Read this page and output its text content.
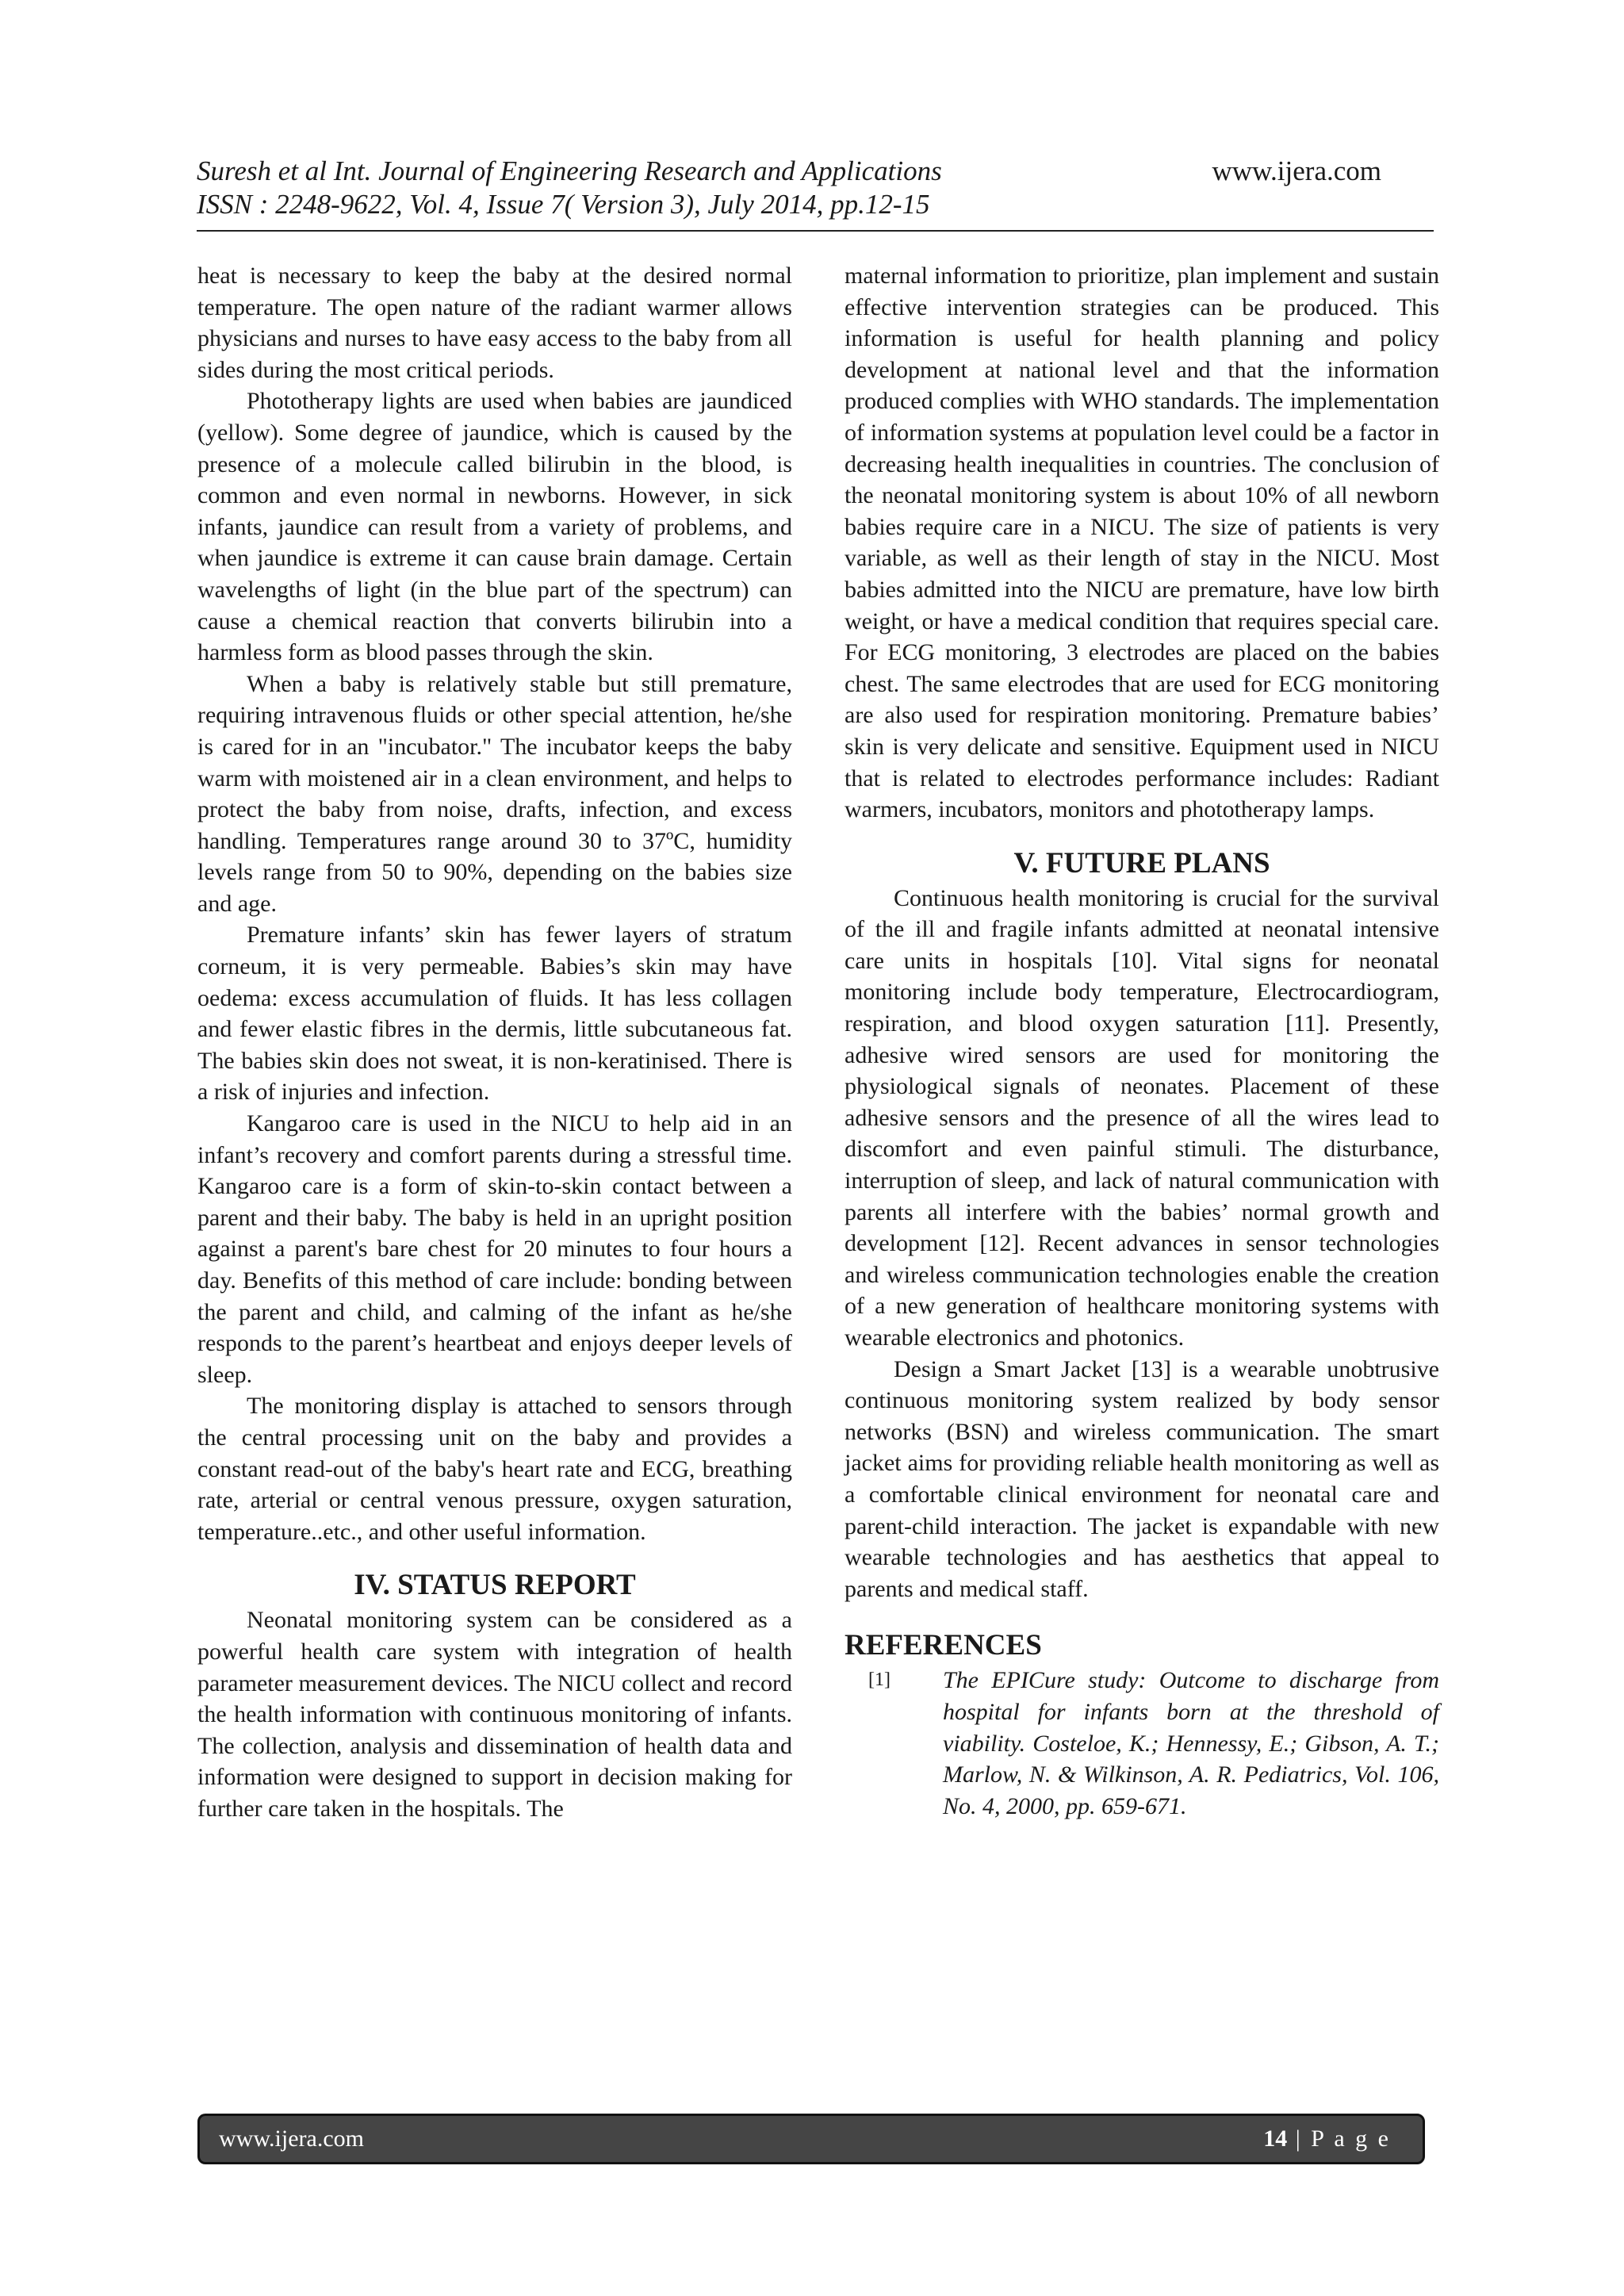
Suresh et al Int. Journal of Engineering Research and Applications	www.ijera.com
ISSN : 2248-9622, Vol. 4, Issue 7( Version 3), July 2014, pp.12-15

heat is necessary to keep the baby at the desired normal temperature. The open nature of the radiant warmer allows physicians and nurses to have easy access to the baby from all sides during the most critical periods.

Phototherapy lights are used when babies are jaundiced (yellow). Some degree of jaundice, which is caused by the presence of a molecule called bilirubin in the blood, is common and even normal in newborns. However, in sick infants, jaundice can result from a variety of problems, and when jaundice is extreme it can cause brain damage. Certain wavelengths of light (in the blue part of the spectrum) can cause a chemical reaction that converts bilirubin into a harmless form as blood passes through the skin.

When a baby is relatively stable but still premature, requiring intravenous fluids or other special attention, he/she is cared for in an "incubator." The incubator keeps the baby warm with moistened air in a clean environment, and helps to protect the baby from noise, drafts, infection, and excess handling. Temperatures range around 30 to 37ºC, humidity levels range from 50 to 90%, depending on the babies size and age.

Premature infants’ skin has fewer layers of stratum corneum, it is very permeable. Babies’s skin may have oedema: excess accumulation of fluids. It has less collagen and fewer elastic fibres in the dermis, little subcutaneous fat. The babies skin does not sweat, it is non-keratinised. There is a risk of injuries and infection.

Kangaroo care is used in the NICU to help aid in an infant’s recovery and comfort parents during a stressful time. Kangaroo care is a form of skin-to-skin contact between a parent and their baby. The baby is held in an upright position against a parent's bare chest for 20 minutes to four hours a day. Benefits of this method of care include: bonding between the parent and child, and calming of the infant as he/she responds to the parent’s heartbeat and enjoys deeper levels of sleep.

The monitoring display is attached to sensors through the central processing unit on the baby and provides a constant read-out of the baby's heart rate and ECG, breathing rate, arterial or central venous pressure, oxygen saturation, temperature..etc., and other useful information.

IV. STATUS REPORT

Neonatal monitoring system can be considered as a powerful health care system with integration of health parameter measurement devices. The NICU collect and record the health information with continuous monitoring of infants. The collection, analysis and dissemination of health data and information were designed to support in decision making for further care taken in the hospitals. The

maternal information to prioritize, plan implement and sustain effective intervention strategies can be produced. This information is useful for health planning and policy development at national level and that the information produced complies with WHO standards. The implementation of information systems at population level could be a factor in decreasing health inequalities in countries. The conclusion of the neonatal monitoring system is about 10% of all newborn babies require care in a NICU. The size of patients is very variable, as well as their length of stay in the NICU. Most babies admitted into the NICU are premature, have low birth weight, or have a medical condition that requires special care. For ECG monitoring, 3 electrodes are placed on the babies chest. The same electrodes that are used for ECG monitoring are also used for respiration monitoring. Premature babies’ skin is very delicate and sensitive. Equipment used in NICU that is related to electrodes performance includes: Radiant warmers, incubators, monitors and phototherapy lamps.

V. FUTURE PLANS

Continuous health monitoring is crucial for the survival of the ill and fragile infants admitted at neonatal intensive care units in hospitals [10]. Vital signs for neonatal monitoring include body temperature, Electrocardiogram, respiration, and blood oxygen saturation [11]. Presently, adhesive wired sensors are used for monitoring the physiological signals of neonates. Placement of these adhesive sensors and the presence of all the wires lead to discomfort and even painful stimuli. The disturbance, interruption of sleep, and lack of natural communication with parents all interfere with the babies’ normal growth and development [12]. Recent advances in sensor technologies and wireless communication technologies enable the creation of a new generation of healthcare monitoring systems with wearable electronics and photonics.

Design a Smart Jacket [13] is a wearable unobtrusive continuous monitoring system realized by body sensor networks (BSN) and wireless communication. The smart jacket aims for providing reliable health monitoring as well as a comfortable clinical environment for neonatal care and parent-child interaction. The jacket is expandable with new wearable technologies and has aesthetics that appeal to parents and medical staff.

REFERENCES
[1] The EPICure study: Outcome to discharge from hospital for infants born at the threshold of viability. Costeloe, K.; Hennessy, E.; Gibson, A. T.; Marlow, N. & Wilkinson, A. R. Pediatrics, Vol. 106, No. 4, 2000, pp. 659-671.
www.ijera.com	14 | P a g e
